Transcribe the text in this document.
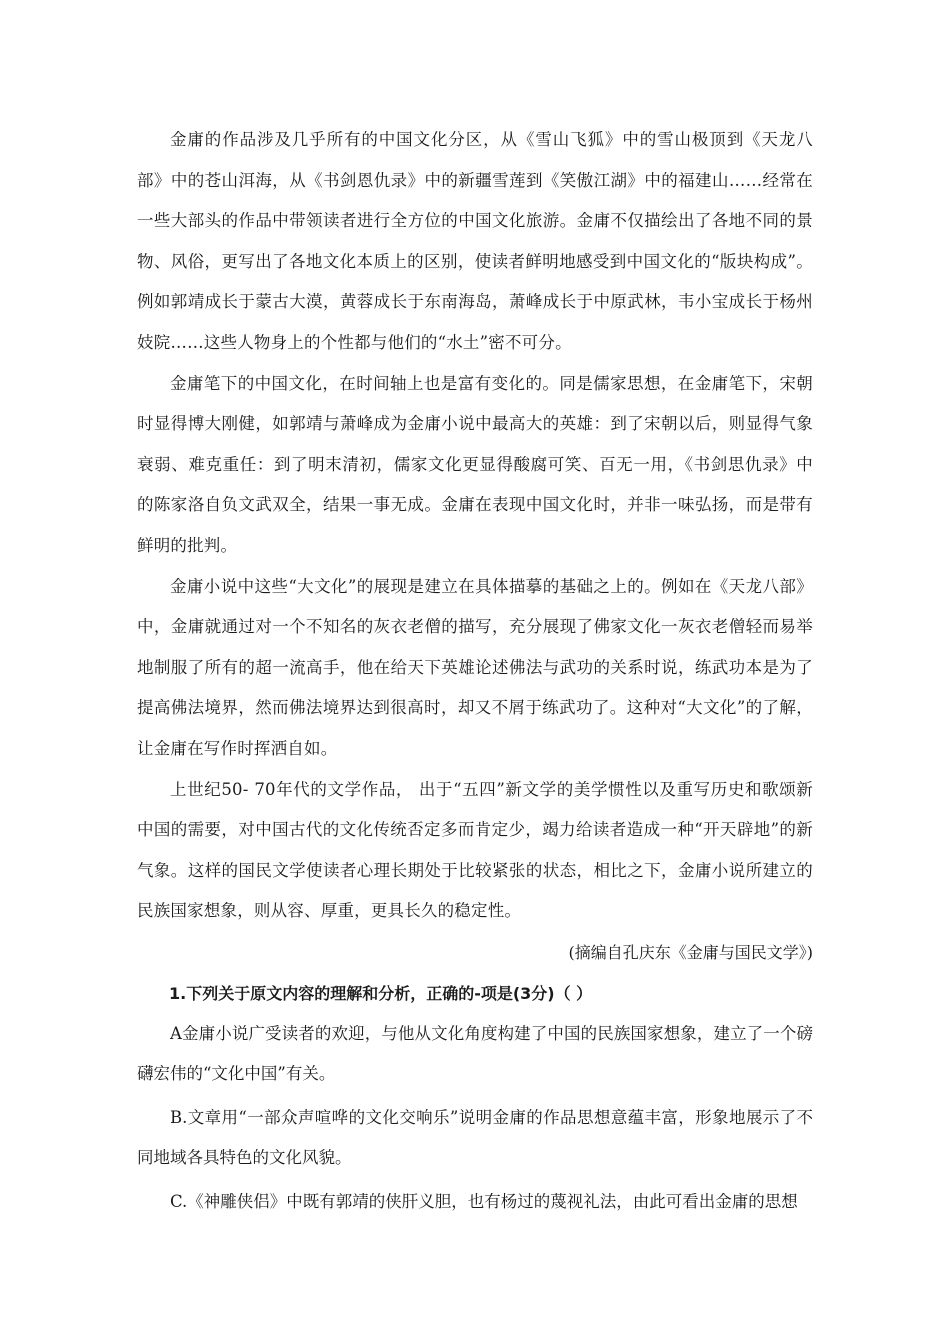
金庸的作品涉及几乎所有的中国文化分区，从《雪山飞狐》中的雪山极顶到《天龙八部》中的苍山洱海，从《书剑恩仇录》中的新疆雪莲到《笑傲江湖》中的福建山……经常在一些大部头的作品中带领读者进行全方位的中国文化旅游。金庸不仅描绘出了各地不同的景物、风俗，更写出了各地文化本质上的区别，使读者鲜明地感受到中国文化的“版块构成”。例如郭靖成长于蒙古大漠，黄蓉成长于东南海岛，萧峰成长于中原武林，韦小宝成长于杨州妓院……这些人物身上的个性都与他们的“水土”密不可分。

金庸笔下的中国文化，在时间轴上也是富有变化的。同是儒家思想，在金庸笔下，宋朝时显得博大刚健，如郭靖与萧峰成为金庸小说中最高大的英雄：到了宋朝以后，则显得气象衰弱、难克重任：到了明末清初，儒家文化更显得酸腐可笑、百无一用，《书剑思仇录》中的陈家洛自负文武双全，结果一事无成。金庸在表现中国文化时，并非一味弘扬，而是带有鲜明的批判。

金庸小说中这些“大文化”的展现是建立在具体描摹的基础之上的。例如在《天龙八部》中，金庸就通过对一个不知名的灰衣老僧的描写，充分展现了佛家文化一灰衣老僧轻而易举地制服了所有的超一流高手，他在给天下英雄论述佛法与武功的关系时说，练武功本是为了提高佛法境界，然而佛法境界达到很高时，却又不屑于练武功了。这种对“大文化”的了解，让金庸在写作时挥洒自如。

上世纪50- 70年代的文学作品， 出于“五四”新文学的美学惯性以及重写历史和歌颂新中国的需要，对中国古代的文化传统否定多而肯定少，竭力给读者造成一种“开天辟地”的新气象。这样的国民文学使读者心理长期处于比较紧张的状态，相比之下，金庸小说所建立的民族国家想象，则从容、厚重，更具长久的稳定性。

(摘编自孔庆东《金庸与国民文学》)

1.下列关于原文内容的理解和分析，正确的-项是(3分)（ ）

A金庸小说广受读者的欢迎，与他从文化角度构建了中国的民族国家想象，建立了一个磅礴宏伟的“文化中国”有关。

B.文章用“一部众声喧哗的文化交响乐”说明金庸的作品思想意蕴丰富，形象地展示了不同地域各具特色的文化风貌。

C.《神雕侠侣》中既有郭靖的侠肝义胆，也有杨过的蔑视礼法，由此可看出金庸的思想
